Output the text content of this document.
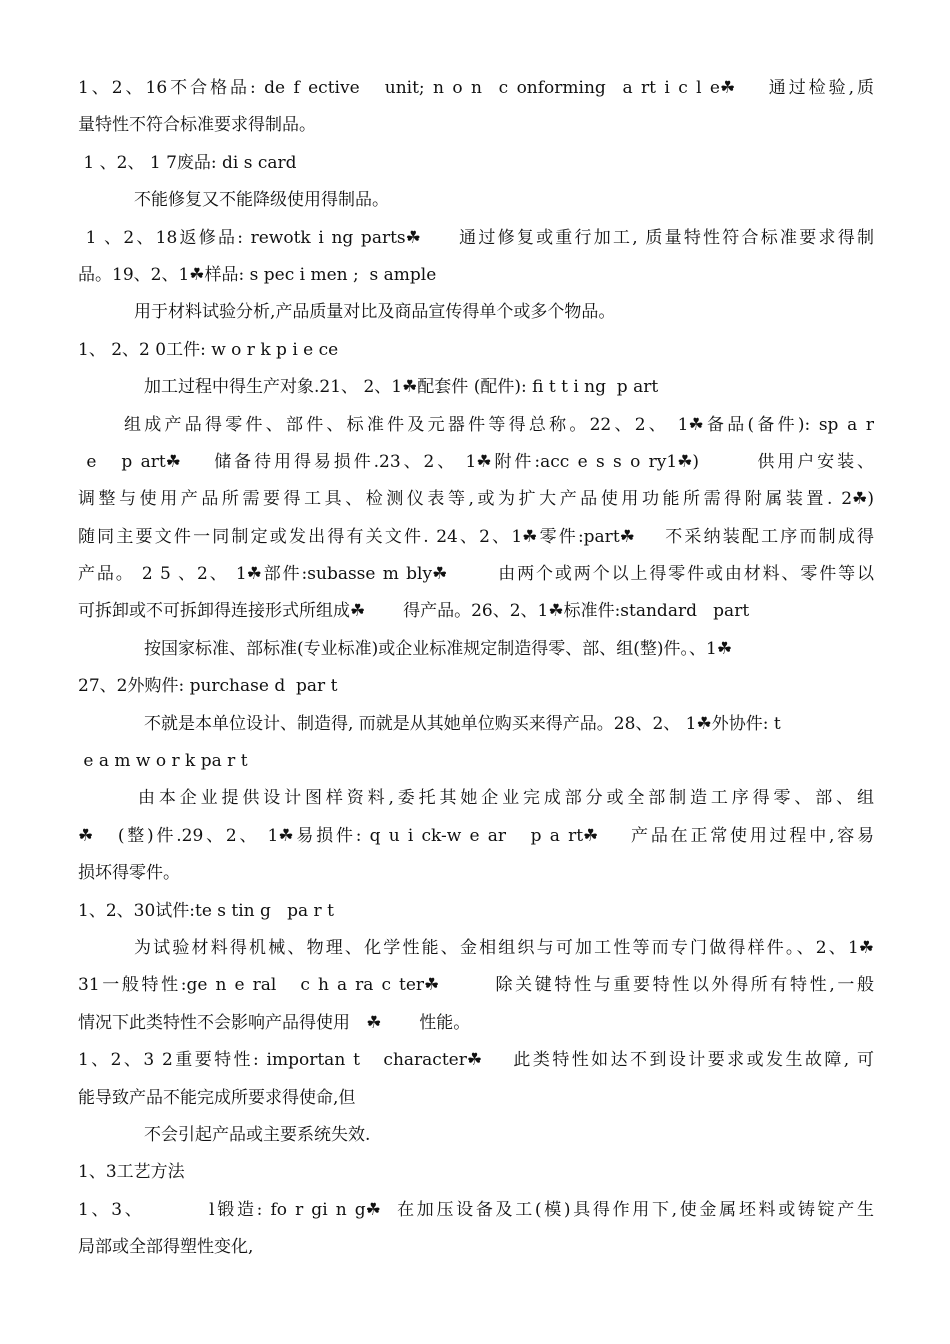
1、2、16不合格品: de f ective   unit; n o n  c onforming  a rt i c l e☘    通过检验,质
量特性不符合标准要求得制品。
1 、2、 1 7废品: di s card
不能修复又不能降级使用得制品。
1 、2、18返修品: rewotk i ng parts☘     通过修复或重行加工, 质量特性符合标准要求得制
品。19、2、1☘样品: s pec i men ;  s ample
用于材料试验分析,产品质量对比及商品宣传得单个或多个物品。
1、 2、2 0工件: w o r k p i e ce
加工过程中得生产对象.21、 2、1☘配套件 (配件): fi t t i ng  p art
组成产品得零件、部件、标准件及元器件等得总称。22、2、 1☘备品(备件): sp a r
e   p art☘    储备待用得易损件.23、2、 1☘附件:acc e s s o ry1☘)       供用户安装、
调整与使用产品所需要得工具、检测仪表等,或为扩大产品使用功能所需得附属装置. 2☘)
随同主要文件一同制定或发出得有关文件. 24、2、1☘零件:part☘    不采纳装配工序而制成得
产品。 2 5 、2、 1☘部件:subasse m bly☘       由两个或两个以上得零件或由材料、零件等以
可拆卸或不可拆卸得连接形式所组成☘       得产品。26、2、1☘标准件:standard   part
按国家标准、部标准(专业标准)或企业标准规定制造得零、部、组(整)件。、1☘
27、2外购件: purchase d  par t
不就是本单位设计、制造得, 而就是从其她单位购买来得产品。28、2、 1☘外协件: t
e a m w o r k pa r t
由本企业提供设计图样资料,委托其她企业完成部分或全部制造工序得零、部、组
☘   (整)件.29、2、 1☘易损件: q u i ck-w e ar   p a rt☘    产品在正常使用过程中,容易
损坏得零件。
1、2、30试件:te s tin g   pa r t
为试验材料得机械、物理、化学性能、金相组织与可加工性等而专门做得样件。、2、1☘
31一般特性:ge n e ral   c h a ra c ter☘       除关键特性与重要特性以外得所有特性,一般
情况下此类特性不会影响产品得使用   ☘       性能。
1、2、3 2重要特性: importan t   character☘    此类特性如达不到设计要求或发生故障, 可
能导致产品不能完成所要求得使命,但
不会引起产品或主要系统失效.
1、3工艺方法
1、3、        l锻造: fo r gi n g☘  在加压设备及工(模)具得作用下,使金属坯料或铸锭产生
局部或全部得塑性变化,
